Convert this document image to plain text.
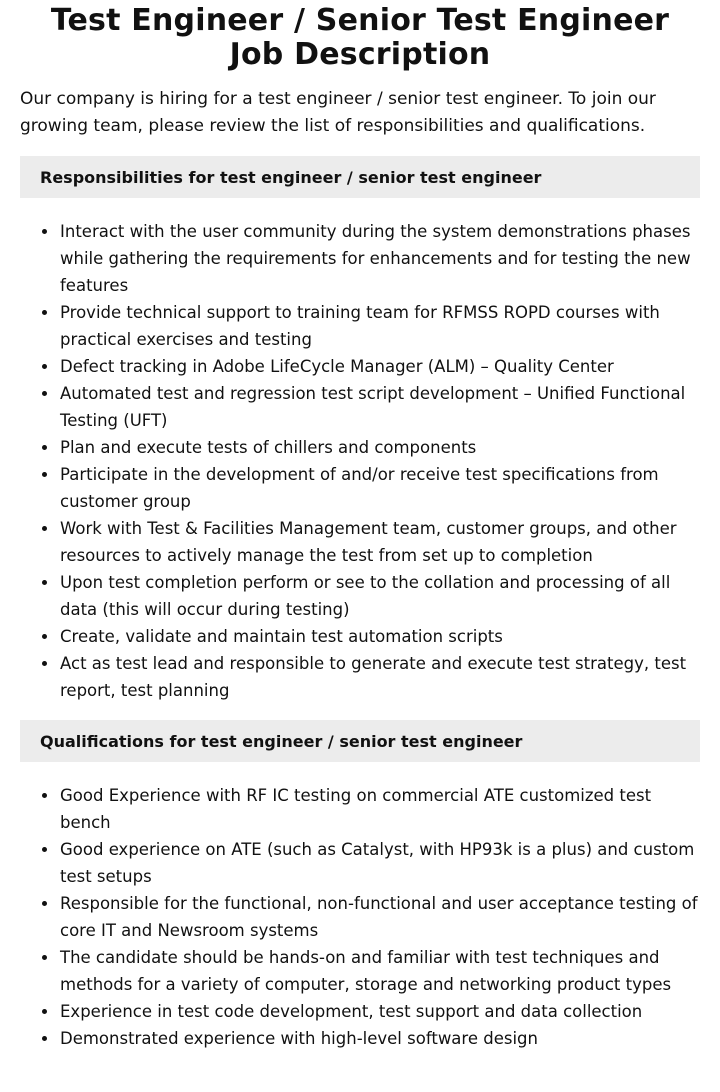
Test Engineer / Senior Test Engineer Job Description

Our company is hiring for a test engineer / senior test engineer. To join our growing team, please review the list of responsibilities and qualifications.

Responsibilities for test engineer / senior test engineer
Interact with the user community during the system demonstrations phases while gathering the requirements for enhancements and for testing the new features
Provide technical support to training team for RFMSS ROPD courses with practical exercises and testing
Defect tracking in Adobe LifeCycle Manager (ALM) – Quality Center
Automated test and regression test script development – Unified Functional Testing (UFT)
Plan and execute tests of chillers and components
Participate in the development of and/or receive test specifications from customer group
Work with Test & Facilities Management team, customer groups, and other resources to actively manage the test from set up to completion
Upon test completion perform or see to the collation and processing of all data (this will occur during testing)
Create, validate and maintain test automation scripts
Act as test lead and responsible to generate and execute test strategy, test report, test planning
Qualifications for test engineer / senior test engineer
Good Experience with RF IC testing on commercial ATE customized test bench
Good experience on ATE (such as Catalyst, with HP93k is a plus) and custom test setups
Responsible for the functional, non-functional and user acceptance testing of core IT and Newsroom systems
The candidate should be hands-on and familiar with test techniques and methods for a variety of computer, storage and networking product types
Experience in test code development, test support and data collection
Demonstrated experience with high-level software design
